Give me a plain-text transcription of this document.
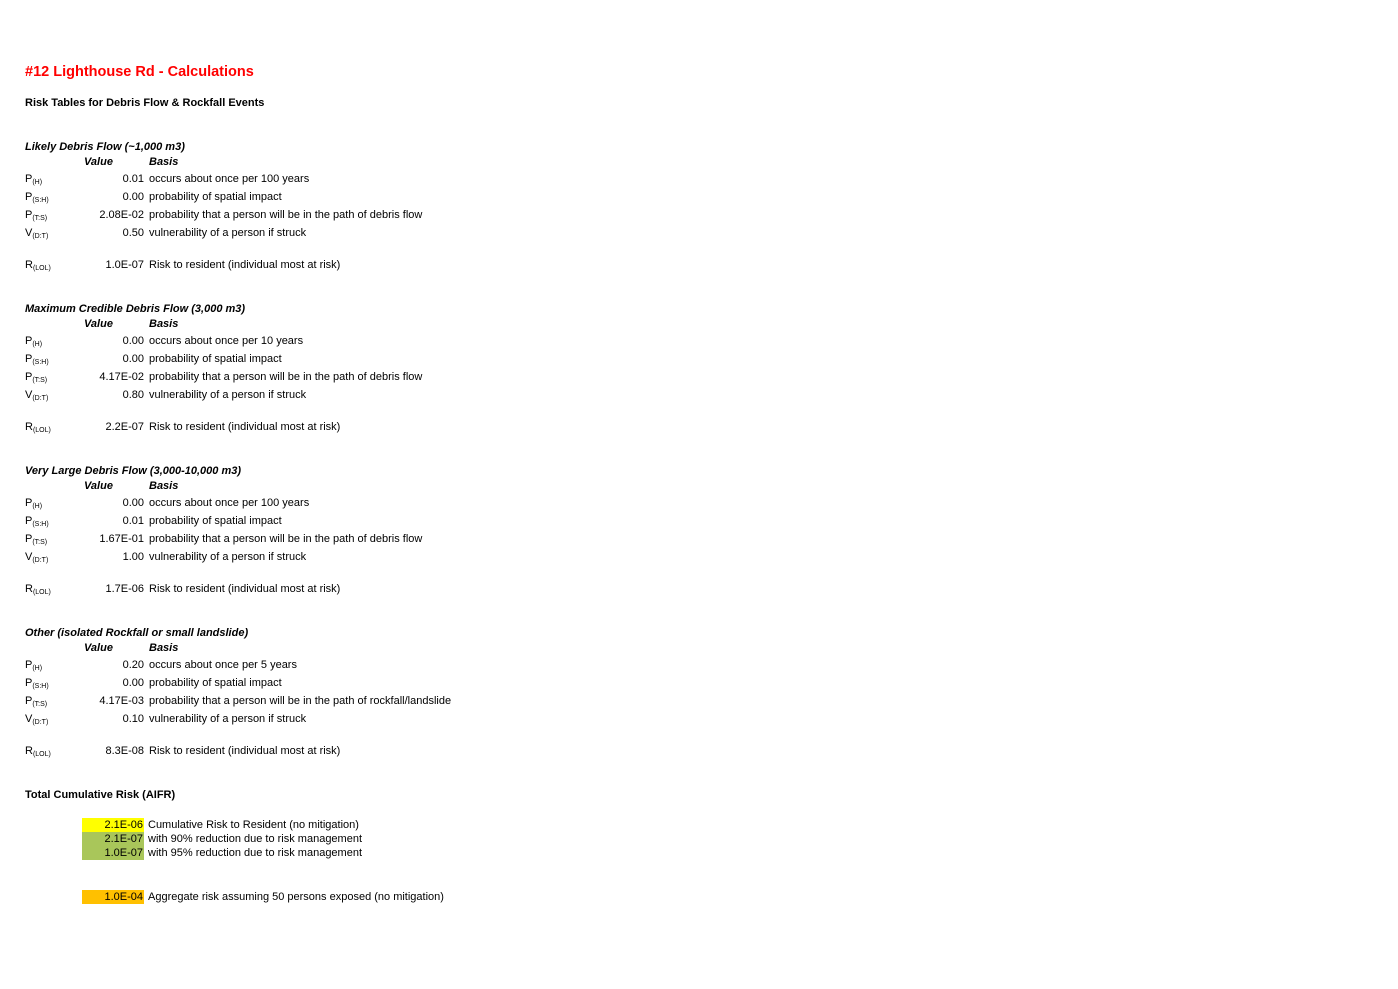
#12 Lighthouse Rd - Calculations
Risk Tables for Debris Flow & Rockfall Events
Likely Debris Flow (~1,000 m3)
Value	Basis
$P_{(H)}$	0.01 occurs about once per 100 years
$P_{(S:H)}$	0.00 probability of spatial impact
$P_{(T:S)}$	2.08E-02 probability that a person will be in the path of debris flow
$V_{(D:T)}$	0.50 vulnerability of a person if struck
$R_{(LOL)}$	1.0E-07 Risk to resident (individual most at risk)
Maximum Credible Debris Flow (3,000 m3)
Value	Basis
$P_{(H)}$	0.00 occurs about once per 10 years
$P_{(S:H)}$	0.00 probability of spatial impact
$P_{(T:S)}$	4.17E-02 probability that a person will be in the path of debris flow
$V_{(D:T)}$	0.80 vulnerability of a person if struck
$R_{(LOL)}$	2.2E-07 Risk to resident (individual most at risk)
Very Large Debris Flow (3,000-10,000 m3)
Value	Basis
$P_{(H)}$	0.00 occurs about once per 100 years
$P_{(S:H)}$	0.01 probability of spatial impact
$P_{(T:S)}$	1.67E-01 probability that a person will be in the path of debris flow
$V_{(D:T)}$	1.00 vulnerability of a person if struck
$R_{(LOL)}$	1.7E-06 Risk to resident (individual most at risk)
Other (isolated Rockfall or small landslide)
Value	Basis
$P_{(H)}$	0.20 occurs about once per 5 years
$P_{(S:H)}$	0.00 probability of spatial impact
$P_{(T:S)}$	4.17E-03 probability that a person will be in the path of rockfall/landslide
$V_{(D:T)}$	0.10 vulnerability of a person if struck
$R_{(LOL)}$	8.3E-08 Risk to resident (individual most at risk)
Total Cumulative Risk (AIFR)
2.1E-06 Cumulative Risk to Resident (no mitigation)
2.1E-07 with 90% reduction due to risk management
1.0E-07 with 95% reduction due to risk management
1.0E-04 Aggregate risk assuming 50 persons exposed (no mitigation)
